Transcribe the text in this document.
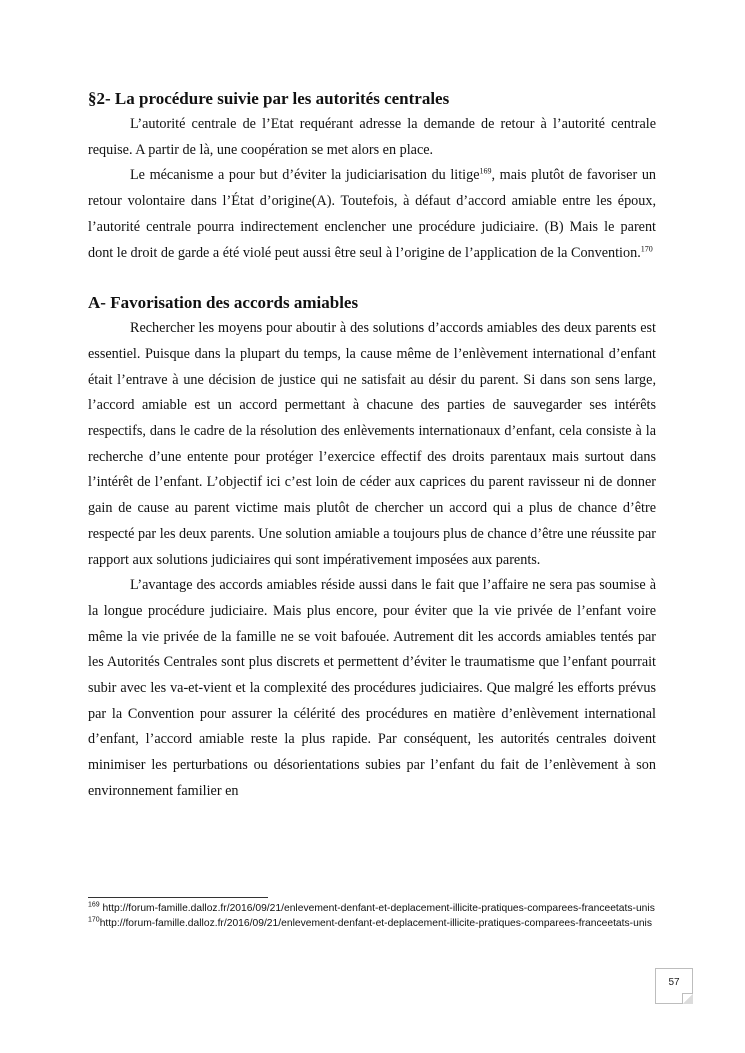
§2- La procédure suivie par les autorités centrales

L’autorité centrale de l’Etat requérant adresse la demande de retour à l’autorité centrale requise. A partir de là, une coopération se met alors en place.

Le mécanisme a pour but d’éviter la judiciarisation du litige$^{169}$, mais plutôt de favoriser un retour volontaire dans l’État d’origine(A). Toutefois, à défaut d’accord amiable entre les époux, l’autorité centrale pourra indirectement enclencher une procédure judiciaire. (B) Mais le parent dont le droit de garde a été violé peut aussi être seul à l’origine de l’application de la Convention.$^{170}$

A- Favorisation des accords amiables

Rechercher les moyens pour aboutir à des solutions d’accords amiables des deux parents est essentiel. Puisque dans la plupart du temps, la cause même de l’enlèvement international d’enfant était l’entrave à une décision de justice qui ne satisfait au désir du parent. Si dans son sens large, l’accord amiable est un accord permettant à chacune des parties de sauvegarder ses intérêts respectifs, dans le cadre de la résolution des enlèvements internationaux d’enfant, cela consiste à la recherche d’une entente pour protéger l’exercice effectif des droits parentaux mais surtout dans l’intérêt de l’enfant. L’objectif ici c’est loin de céder aux caprices du parent ravisseur ni de donner gain de cause au parent victime mais plutôt de chercher un accord qui a plus de chance d’être respecté par les deux parents. Une solution amiable a toujours plus de chance d’être une réussite par rapport aux solutions judiciaires qui sont impérativement imposées aux parents.

L’avantage des accords amiables réside aussi dans le fait que l’affaire ne sera pas soumise à la longue procédure judiciaire. Mais plus encore, pour éviter que la vie privée de l’enfant voire même la vie privée de la famille ne se voit bafouée. Autrement dit les accords amiables tentés par les Autorités Centrales sont plus discrets et permettent d’éviter le traumatisme que l’enfant pourrait subir avec les va-et-vient et la complexité des procédures judiciaires. Que malgré les efforts prévus par la Convention pour assurer la célérité des procédures en matière d’enlèvement international d’enfant, l’accord amiable reste la plus rapide. Par conséquent, les autorités centrales doivent minimiser les perturbations ou désorientations subies par l’enfant du fait de l’enlèvement à son environnement familier en

$^{169}$ http://forum-famille.dalloz.fr/2016/09/21/enlevement-denfant-et-deplacement-illicite-pratiques-comparees-franceetats-unis
$^{170}$http://forum-famille.dalloz.fr/2016/09/21/enlevement-denfant-et-deplacement-illicite-pratiques-comparees-franceetats-unis
57
